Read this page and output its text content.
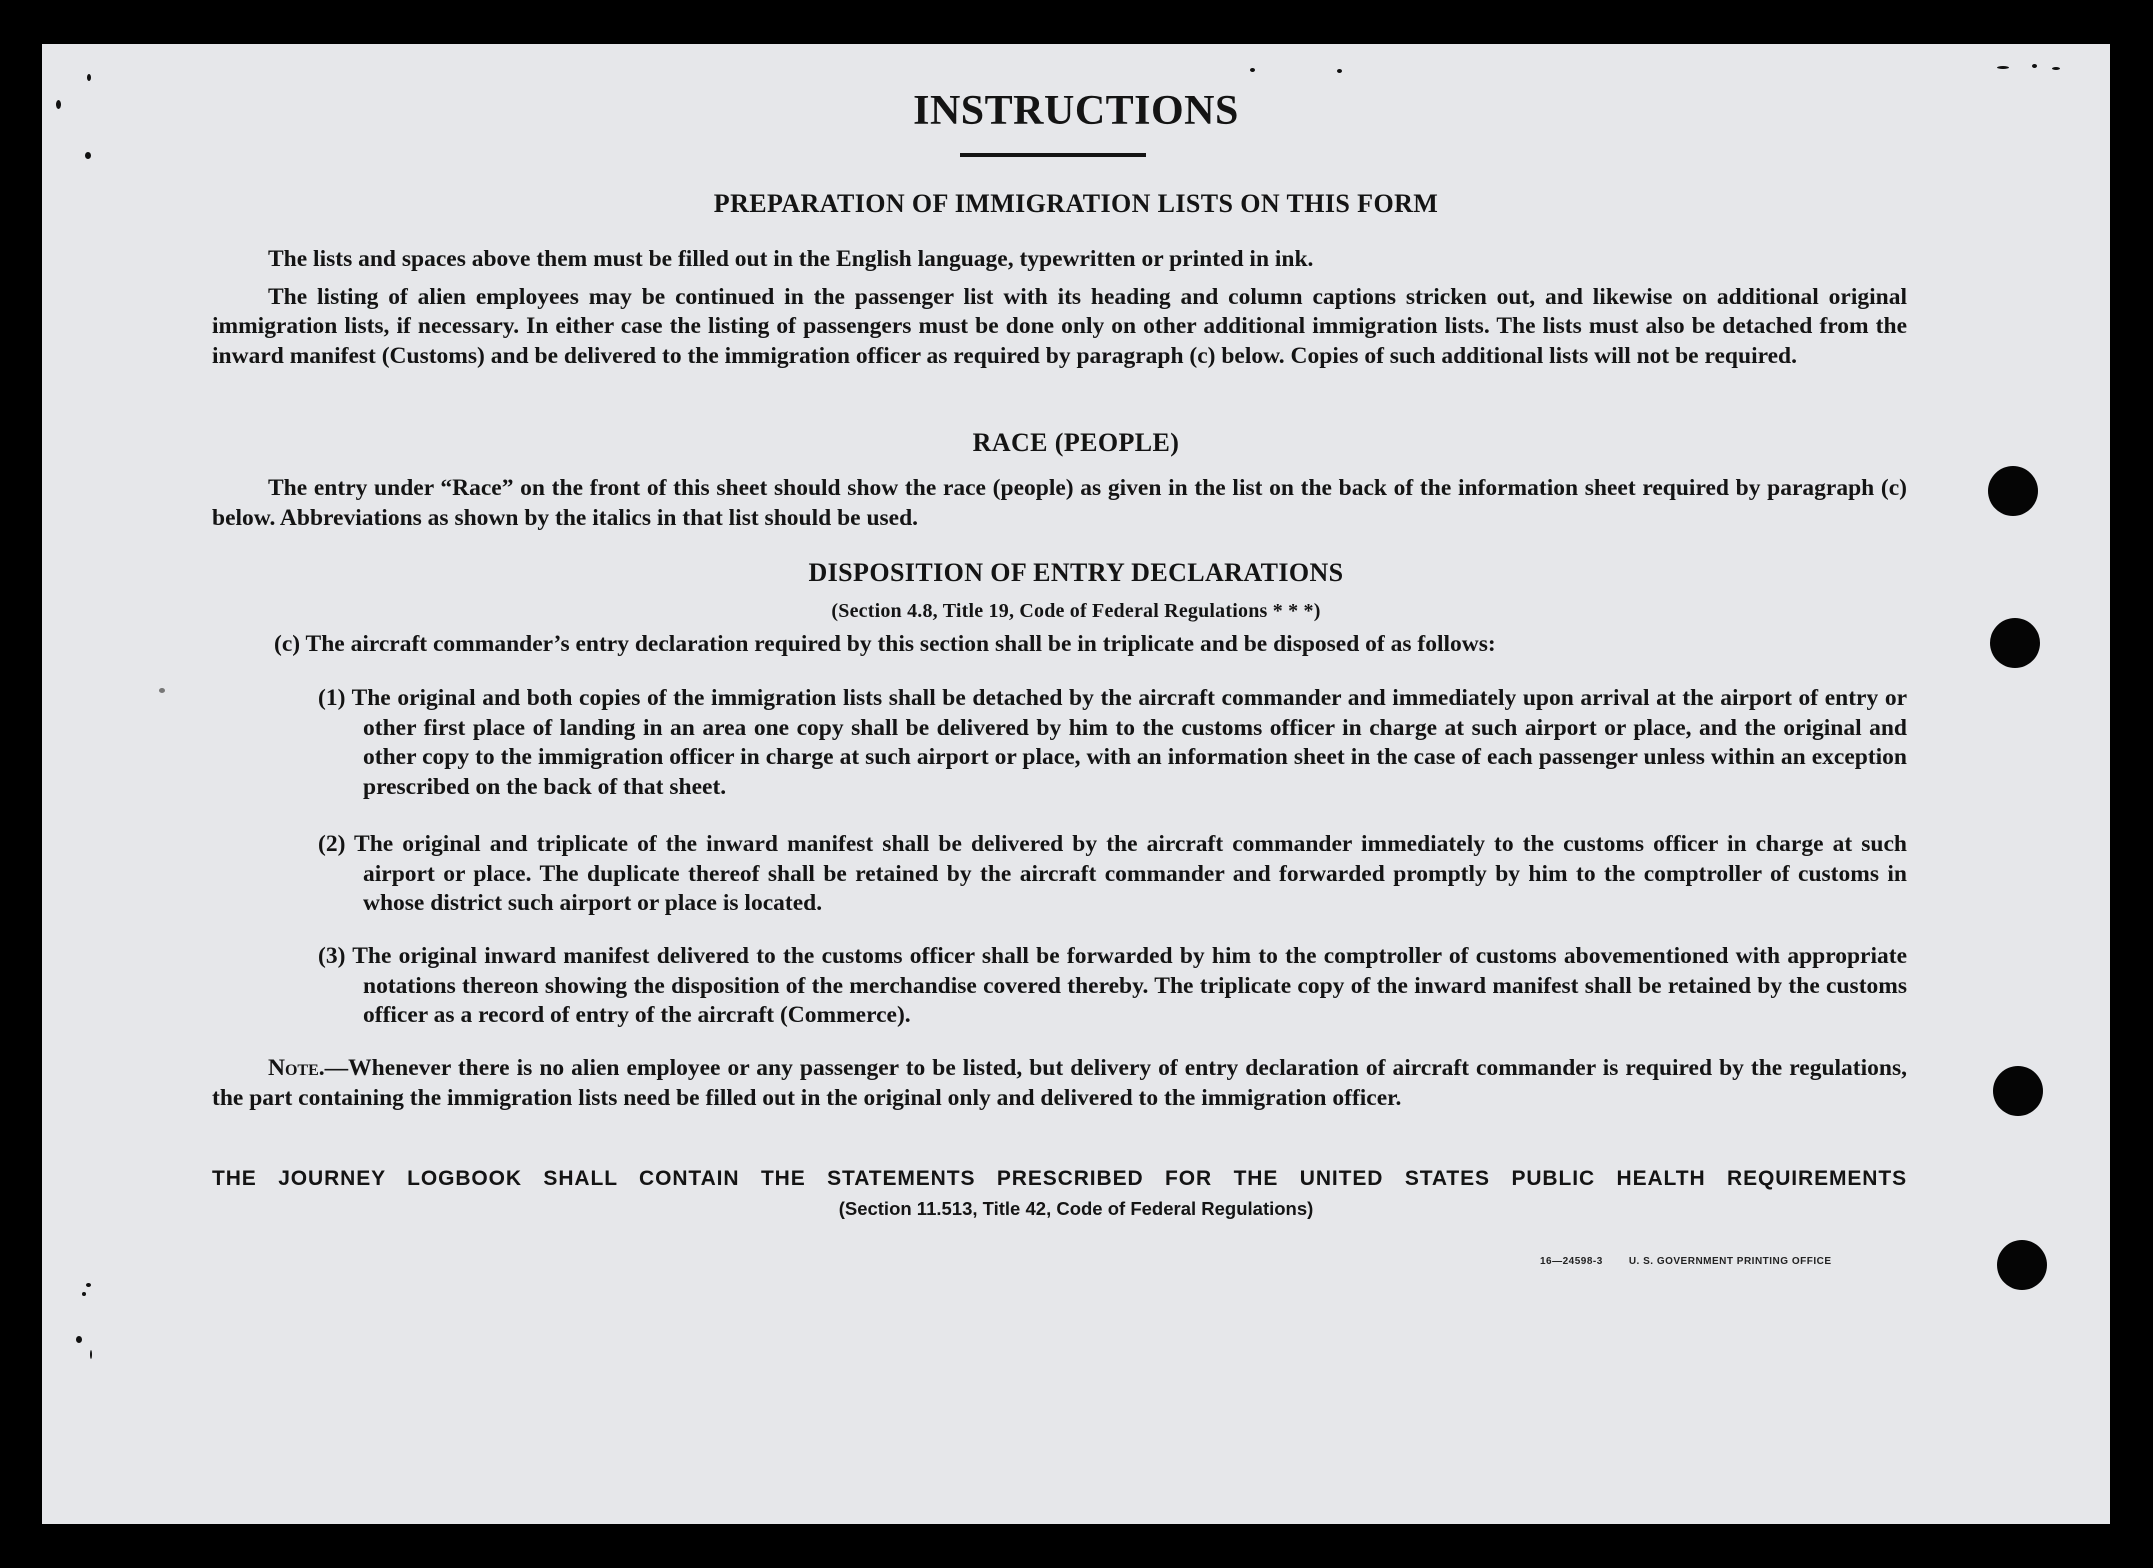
INSTRUCTIONS
PREPARATION OF IMMIGRATION LISTS ON THIS FORM

The lists and spaces above them must be filled out in the English language, typewritten or printed in ink.

The listing of alien employees may be continued in the passenger list with its heading and column captions stricken out, and likewise on additional original immigration lists, if necessary. In either case the listing of passengers must be done only on other additional immigration lists. The lists must also be detached from the inward manifest (Customs) and be delivered to the immigration officer as required by paragraph (c) below. Copies of such additional lists will not be required.

RACE (PEOPLE)

The entry under “Race” on the front of this sheet should show the race (people) as given in the list on the back of the information sheet required by paragraph (c) below. Abbreviations as shown by the italics in that list should be used.

DISPOSITION OF ENTRY DECLARATIONS
(Section 4.8, Title 19, Code of Federal Regulations * * *)

(c) The aircraft commander’s entry declaration required by this section shall be in triplicate and be disposed of as follows:

(1) The original and both copies of the immigration lists shall be detached by the aircraft commander and immediately upon arrival at the airport of entry or other first place of landing in an area one copy shall be delivered by him to the customs officer in charge at such airport or place, and the original and other copy to the immigration officer in charge at such airport or place, with an information sheet in the case of each passenger unless within an exception prescribed on the back of that sheet.
(2) The original and triplicate of the inward manifest shall be delivered by the aircraft commander immediately to the customs officer in charge at such airport or place. The duplicate thereof shall be retained by the aircraft commander and forwarded promptly by him to the comptroller of customs in whose district such airport or place is located.
(3) The original inward manifest delivered to the customs officer shall be forwarded by him to the comptroller of customs abovementioned with appropriate notations thereon showing the disposition of the merchandise covered thereby. The triplicate copy of the inward manifest shall be retained by the customs officer as a record of entry of the aircraft (Commerce).

Note.—Whenever there is no alien employee or any passenger to be listed, but delivery of entry declaration of aircraft commander is required by the regulations, the part containing the immigration lists need be filled out in the original only and delivered to the immigration officer.

THE JOURNEY LOGBOOK SHALL CONTAIN THE STATEMENTS PRESCRIBED FOR THE UNITED STATES PUBLIC HEALTH REQUIREMENTS
(Section 11.513, Title 42, Code of Federal Regulations)
16—24598-3	U. S. GOVERNMENT PRINTING OFFICE
